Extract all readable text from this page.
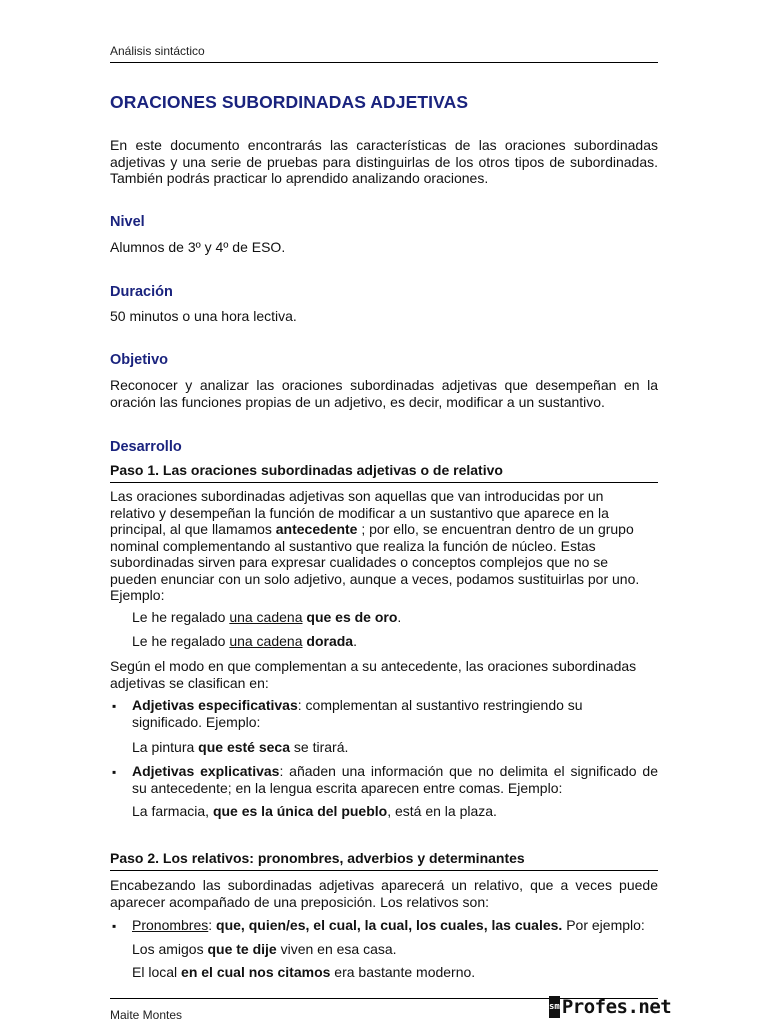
Análisis sintáctico
ORACIONES SUBORDINADAS ADJETIVAS
En este documento encontrarás las características de las oraciones subordinadas
adjetivas y una serie de pruebas para distinguirlas de los otros tipos de subordinadas.
También podrás practicar lo aprendido analizando oraciones.
Nivel
Alumnos de 3º y 4º de ESO.
Duración
50 minutos o una hora lectiva.
Objetivo
Reconocer y analizar las oraciones subordinadas adjetivas que desempeñan en la
oración las funciones propias de un adjetivo, es decir, modificar a un sustantivo.
Desarrollo
Paso 1. Las oraciones subordinadas adjetivas o de relativo
Las oraciones subordinadas adjetivas son aquellas que van introducidas por un
relativo y desempeñan la función de modificar a un sustantivo que aparece en la
principal, al que llamamos antecedente ; por ello, se encuentran dentro de un grupo
nominal complementando al sustantivo que realiza la función de núcleo. Estas
subordinadas sirven para expresar cualidades o conceptos complejos que no se
pueden enunciar con un solo adjetivo, aunque a veces, podamos sustituirlas por uno.
Ejemplo:
Le he regalado una cadena que es de oro.
Le he regalado una cadena dorada.
Según el modo en que complementan a su antecedente, las oraciones subordinadas
adjetivas se clasifican en:
▪ Adjetivas especificativas: complementan al sustantivo restringiendo su
significado. Ejemplo:
La pintura que esté seca se tirará.
▪ Adjetivas explicativas: añaden una información que no delimita el significado de
su antecedente; en la lengua escrita aparecen entre comas. Ejemplo:
La farmacia, que es la única del pueblo, está en la plaza.
Paso 2. Los relativos: pronombres, adverbios y determinantes
Encabezando las subordinadas adjetivas aparecerá un relativo, que a veces puede
aparecer acompañado de una preposición. Los relativos son:
▪ Pronombres: que, quien/es, el cual, la cual, los cuales, las cuales. Por ejemplo:
Los amigos que te dije viven en esa casa.
El local en el cual nos citamos era bastante moderno.
Maite Montes
sm Profes.net
